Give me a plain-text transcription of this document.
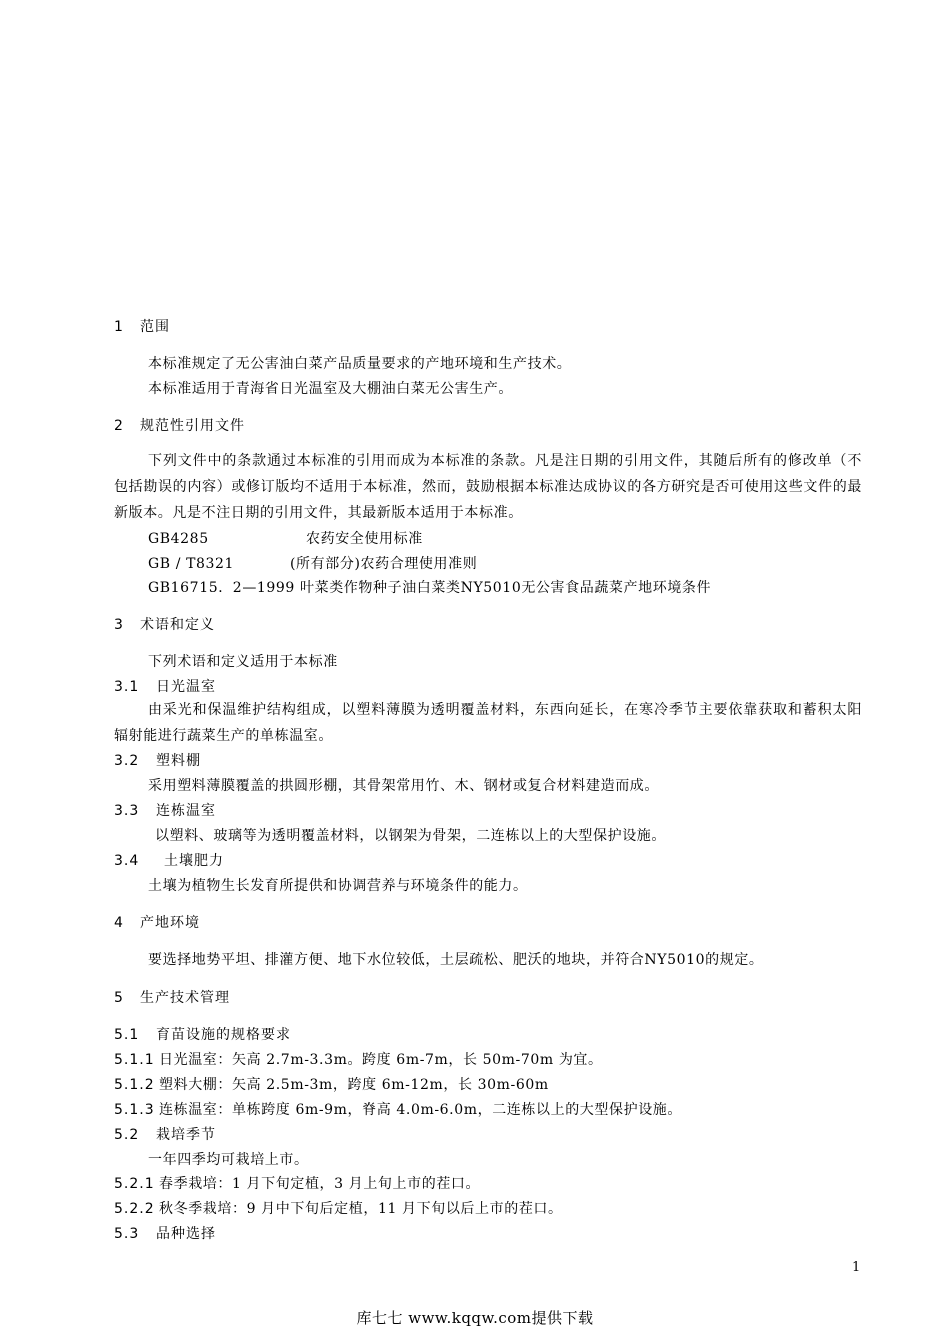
1 范围
本标准规定了无公害油白菜产品质量要求的产地环境和生产技术。
本标准适用于青海省日光温室及大棚油白菜无公害生产。
2 规范性引用文件
下列文件中的条款通过本标准的引用而成为本标准的条款。凡是注日期的引用文件，其随后所有的修改单（不包括勘误的内容）或修订版均不适用于本标准，然而，鼓励根据本标准达成协议的各方研究是否可使用这些文件的最新版本。凡是不注日期的引用文件，其最新版本适用于本标准。
GB4285	农药安全使用标准
GB / T8321	(所有部分)农药合理使用准则
GB16715．2—1999 叶菜类作物种子油白菜类NY5010无公害食品蔬菜产地环境条件
3 术语和定义
下列术语和定义适用于本标准
3.1 日光温室
由采光和保温维护结构组成，以塑料薄膜为透明覆盖材料，东西向延长，在寒冷季节主要依靠获取和蓄积太阳辐射能进行蔬菜生产的单栋温室。
3.2 塑料棚
采用塑料薄膜覆盖的拱圆形棚，其骨架常用竹、木、钢材或复合材料建造而成。
3.3 连栋温室
以塑料、玻璃等为透明覆盖材料，以钢架为骨架，二连栋以上的大型保护设施。
3.4 土壤肥力
土壤为植物生长发育所提供和协调营养与环境条件的能力。
4 产地环境
要选择地势平坦、排灌方便、地下水位较低，土层疏松、肥沃的地块，并符合NY5010的规定。
5 生产技术管理
5.1 育苗设施的规格要求
5.1.1 日光温室：矢高 2.7m-3.3m。跨度 6m-7m，长 50m-70m 为宜。
5.1.2 塑料大棚：矢高 2.5m-3m，跨度 6m-12m，长 30m-60m
5.1.3 连栋温室：单栋跨度 6m-9m，脊高 4.0m-6.0m，二连栋以上的大型保护设施。
5.2 栽培季节
一年四季均可栽培上市。
5.2.1 春季栽培：1 月下旬定植，3 月上旬上市的茬口。
5.2.2 秋冬季栽培：9 月中下旬后定植，11 月下旬以后上市的茬口。
5.3 品种选择
1
库七七 www.kqqw.com提供下载
